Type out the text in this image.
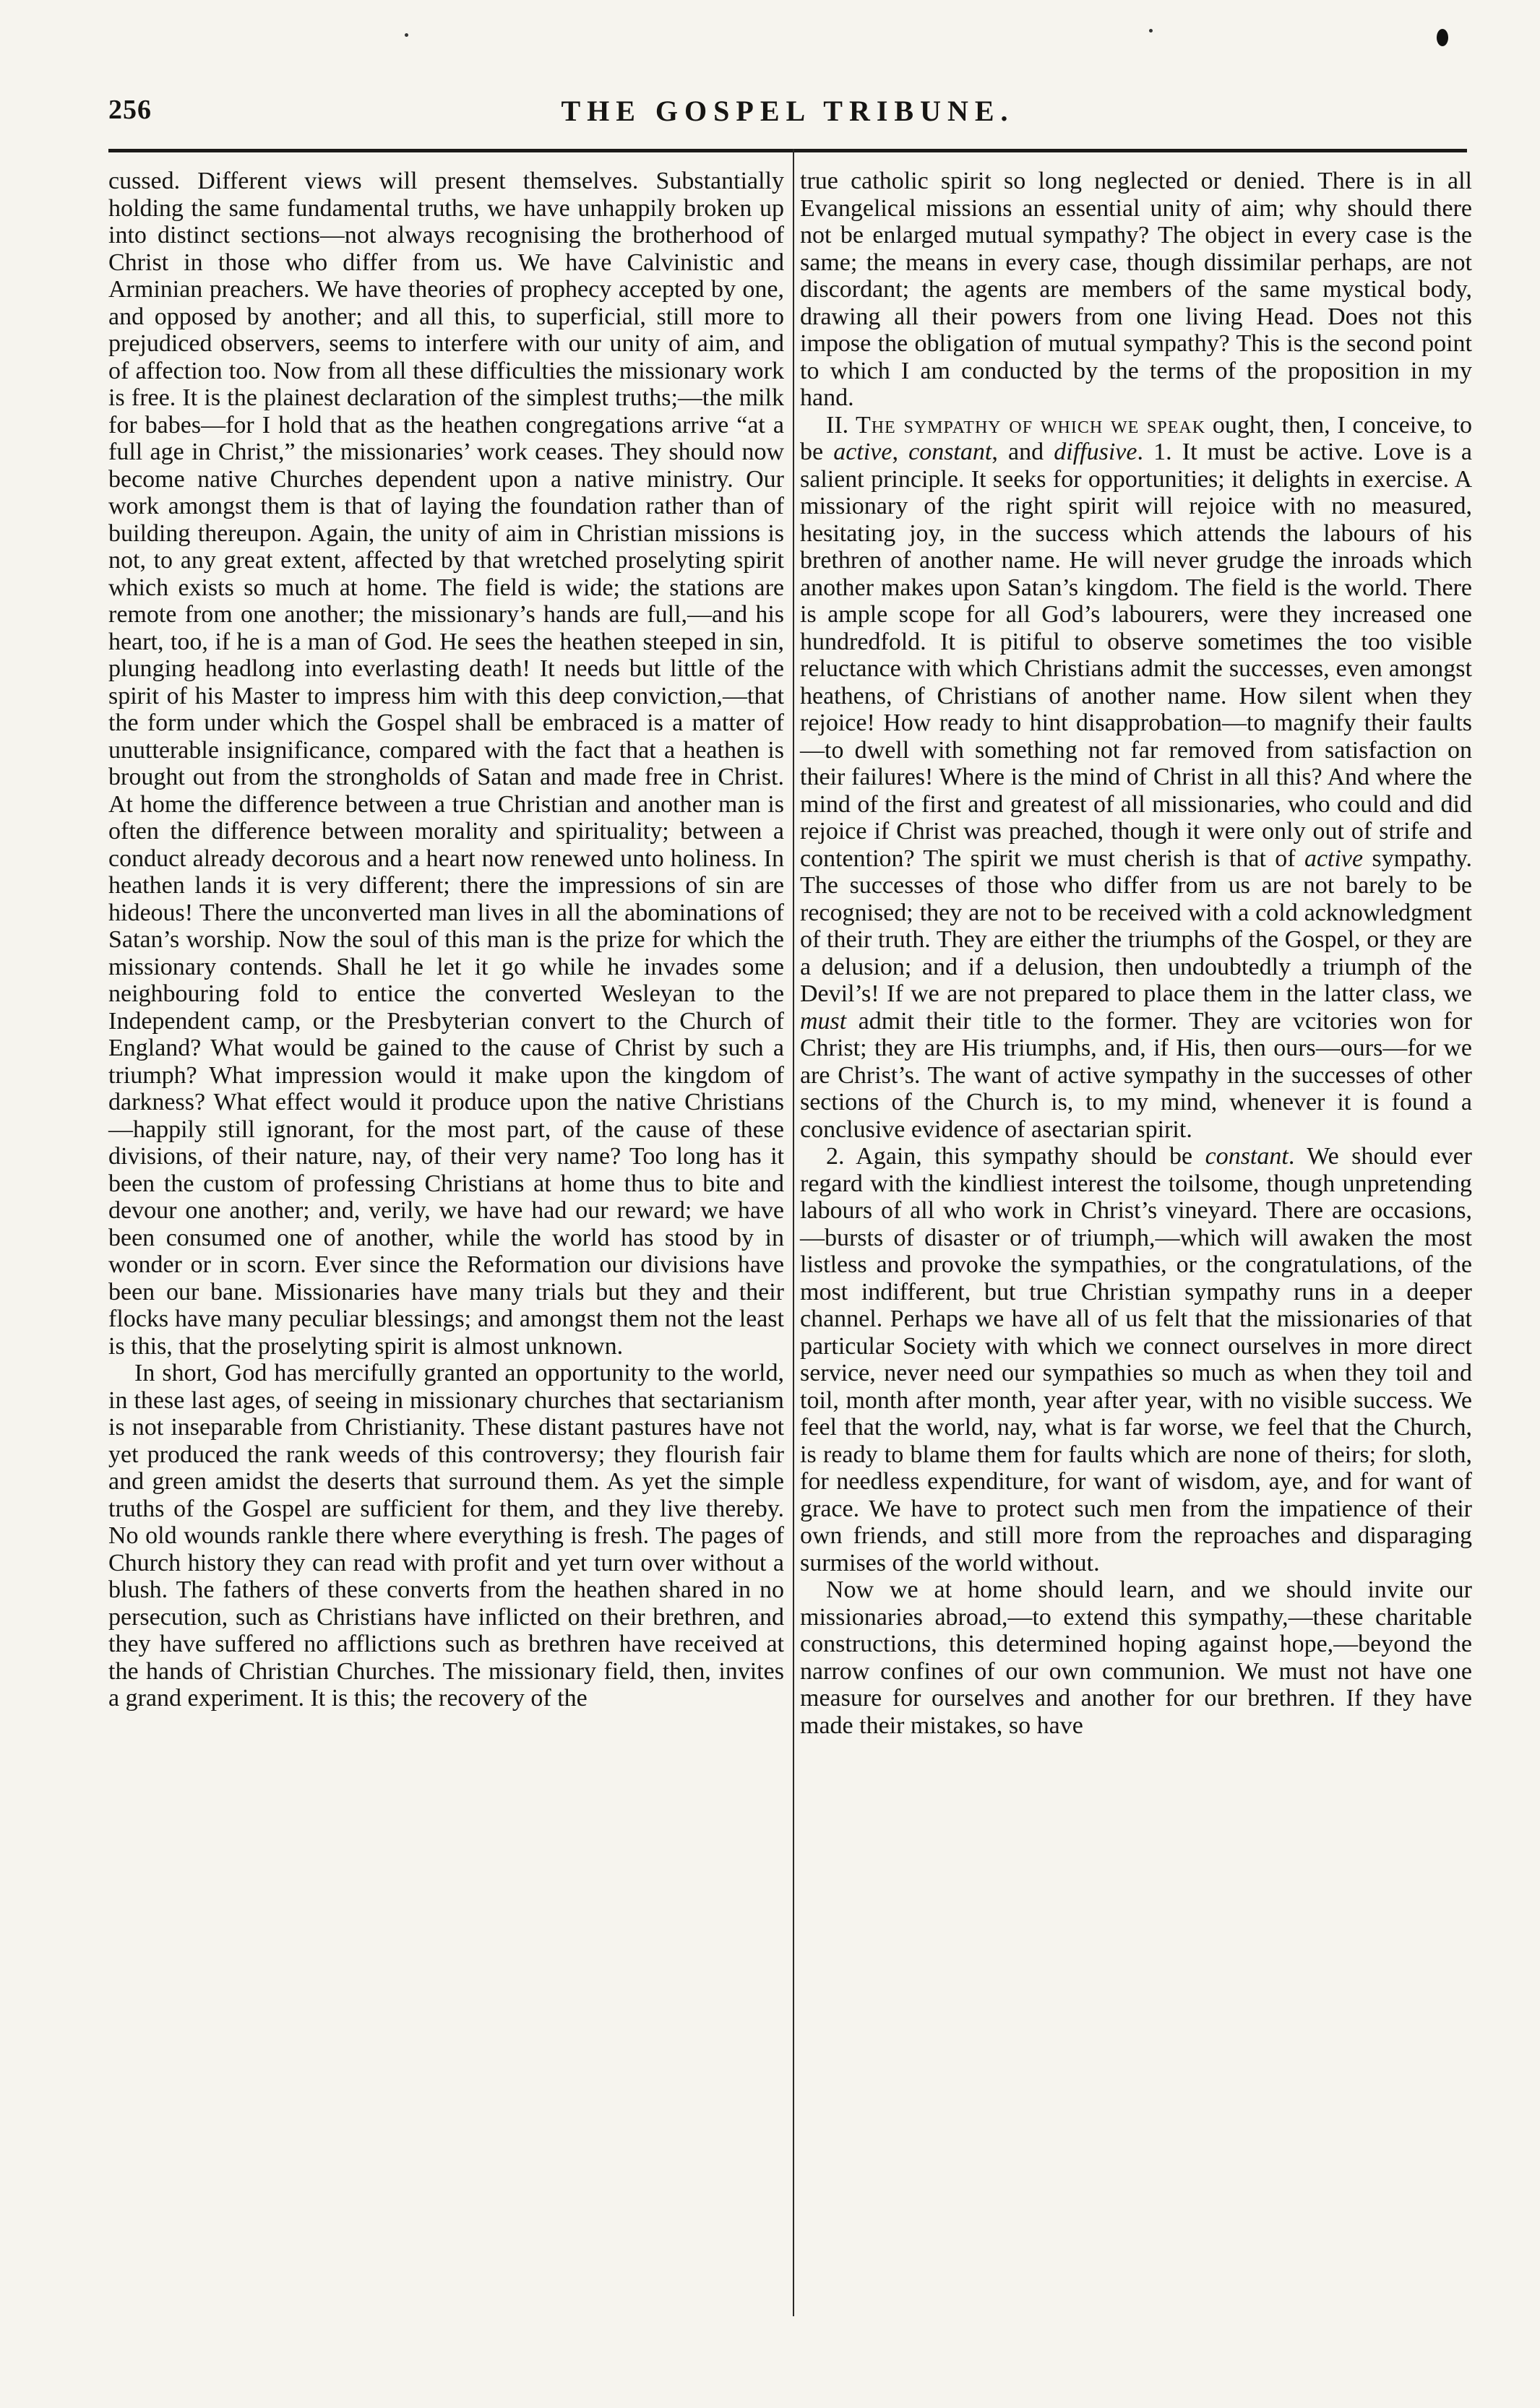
256	THE GOSPEL TRIBUNE.

cussed. Different views will present themselves. Substantially holding the same fundamental truths, we have unhappily broken up into distinct sections—not always recognising the brotherhood of Christ in those who differ from us. We have Calvinistic and Arminian preachers. We have theories of prophecy accepted by one, and opposed by another; and all this, to superficial, still more to prejudiced observers, seems to interfere with our unity of aim, and of affection too. Now from all these difficulties the missionary work is free. It is the plainest declaration of the simplest truths;—the milk for babes—for I hold that as the heathen congregations arrive “at a full age in Christ,” the missionaries’ work ceases. They should now become native Churches dependent upon a native ministry. Our work amongst them is that of laying the foundation rather than of building thereupon. Again, the unity of aim in Christian missions is not, to any great extent, affected by that wretched proselyting spirit which exists so much at home. The field is wide; the stations are remote from one another; the missionary’s hands are full,—and his heart, too, if he is a man of God. He sees the heathen steeped in sin, plunging headlong into everlasting death! It needs but little of the spirit of his Master to impress him with this deep conviction,—that the form under which the Gospel shall be embraced is a matter of unutterable insignificance, compared with the fact that a heathen is brought out from the strongholds of Satan and made free in Christ. At home the difference between a true Christian and another man is often the difference between morality and spirituality; between a conduct already decorous and a heart now renewed unto holiness. In heathen lands it is very different; there the impressions of sin are hideous! There the unconverted man lives in all the abominations of Satan’s worship. Now the soul of this man is the prize for which the missionary contends. Shall he let it go while he invades some neighbouring fold to entice the converted Wesleyan to the Independent camp, or the Presbyterian convert to the Church of England? What would be gained to the cause of Christ by such a triumph? What impression would it make upon the kingdom of darkness? What effect would it produce upon the native Christians—happily still ignorant, for the most part, of the cause of these divisions, of their nature, nay, of their very name? Too long has it been the custom of professing Christians at home thus to bite and devour one another; and, verily, we have had our reward; we have been consumed one of another, while the world has stood by in wonder or in scorn. Ever since the Reformation our divisions have been our bane. Missionaries have many trials but they and their flocks have many peculiar blessings; and amongst them not the least is this, that the proselyting spirit is almost unknown.

In short, God has mercifully granted an opportunity to the world, in these last ages, of seeing in missionary churches that sectarianism is not inseparable from Christianity. These distant pastures have not yet produced the rank weeds of this controversy; they flourish fair and green amidst the deserts that surround them. As yet the simple truths of the Gospel are sufficient for them, and they live thereby. No old wounds rankle there where everything is fresh. The pages of Church history they can read with profit and yet turn over without a blush. The fathers of these converts from the heathen shared in no persecution, such as Christians have inflicted on their brethren, and they have suffered no afflictions such as brethren have received at the hands of Christian Churches. The missionary field, then, invites a grand experiment. It is this; the recovery of the

true catholic spirit so long neglected or denied. There is in all Evangelical missions an essential unity of aim; why should there not be enlarged mutual sympathy? The object in every case is the same; the means in every case, though dissimilar perhaps, are not discordant; the agents are members of the same mystical body, drawing all their powers from one living Head. Does not this impose the obligation of mutual sympathy? This is the second point to which I am conducted by the terms of the proposition in my hand.

II. The sympathy of which we speak ought, then, I conceive, to be active, constant, and diffusive. 1. It must be active. Love is a salient principle. It seeks for opportunities; it delights in exercise. A missionary of the right spirit will rejoice with no measured, hesitating joy, in the success which attends the labours of his brethren of another name. He will never grudge the inroads which another makes upon Satan’s kingdom. The field is the world. There is ample scope for all God’s labourers, were they increased one hundredfold. It is pitiful to observe sometimes the too visible reluctance with which Christians admit the successes, even amongst heathens, of Christians of another name. How silent when they rejoice! How ready to hint disapprobation—to magnify their faults—to dwell with something not far removed from satisfaction on their failures! Where is the mind of Christ in all this? And where the mind of the first and greatest of all missionaries, who could and did rejoice if Christ was preached, though it were only out of strife and contention? The spirit we must cherish is that of active sympathy. The successes of those who differ from us are not barely to be recognised; they are not to be received with a cold acknowledgment of their truth. They are either the triumphs of the Gospel, or they are a delusion; and if a delusion, then undoubtedly a triumph of the Devil’s! If we are not prepared to place them in the latter class, we must admit their title to the former. They are vcitories won for Christ; they are His triumphs, and, if His, then ours—ours—for we are Christ’s. The want of active sympathy in the successes of other sections of the Church is, to my mind, whenever it is found a conclusive evidence of asectarian spirit.

2. Again, this sympathy should be constant. We should ever regard with the kindliest interest the toilsome, though unpretending labours of all who work in Christ’s vineyard. There are occasions,—bursts of disaster or of triumph,—which will awaken the most listless and provoke the sympathies, or the congratulations, of the most indifferent, but true Christian sympathy runs in a deeper channel. Perhaps we have all of us felt that the missionaries of that particular Society with which we connect ourselves in more direct service, never need our sympathies so much as when they toil and toil, month after month, year after year, with no visible success. We feel that the world, nay, what is far worse, we feel that the Church, is ready to blame them for faults which are none of theirs; for sloth, for needless expenditure, for want of wisdom, aye, and for want of grace. We have to protect such men from the impatience of their own friends, and still more from the reproaches and disparaging surmises of the world without.

Now we at home should learn, and we should invite our missionaries abroad,—to extend this sympathy,—these charitable constructions, this determined hoping against hope,—beyond the narrow confines of our own communion. We must not have one measure for ourselves and another for our brethren. If they have made their mistakes, so have
